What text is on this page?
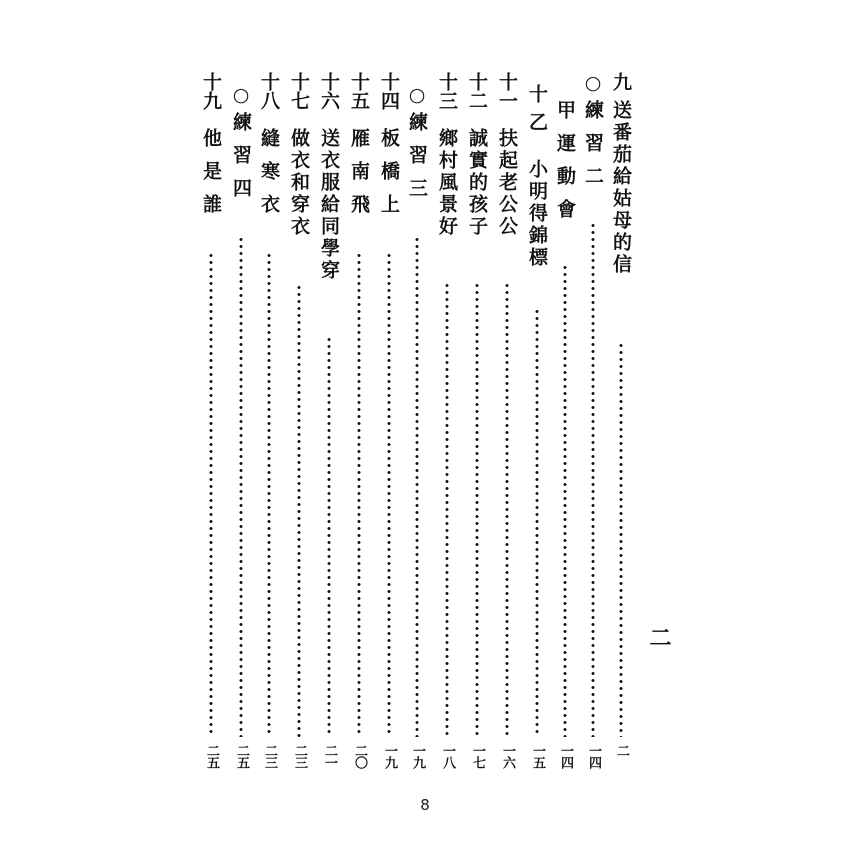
九
送番茄給姑母的信
二
○
練習二
一四
甲運動會
一四
十
乙 小明得錦標
一五
十一
扶起老公公
一六
十二
誠實的孩子
一七
十三
鄉村風景好
一八
○
練習三
一九
十四
板橋上
一九
十五
雁南飛
二〇
十六
送衣服給同學穿
二一
十七
做衣和穿衣
二三
十八
縫寒衣
二三
○
練習四
二五
十九
他是誰
二五
二
8
